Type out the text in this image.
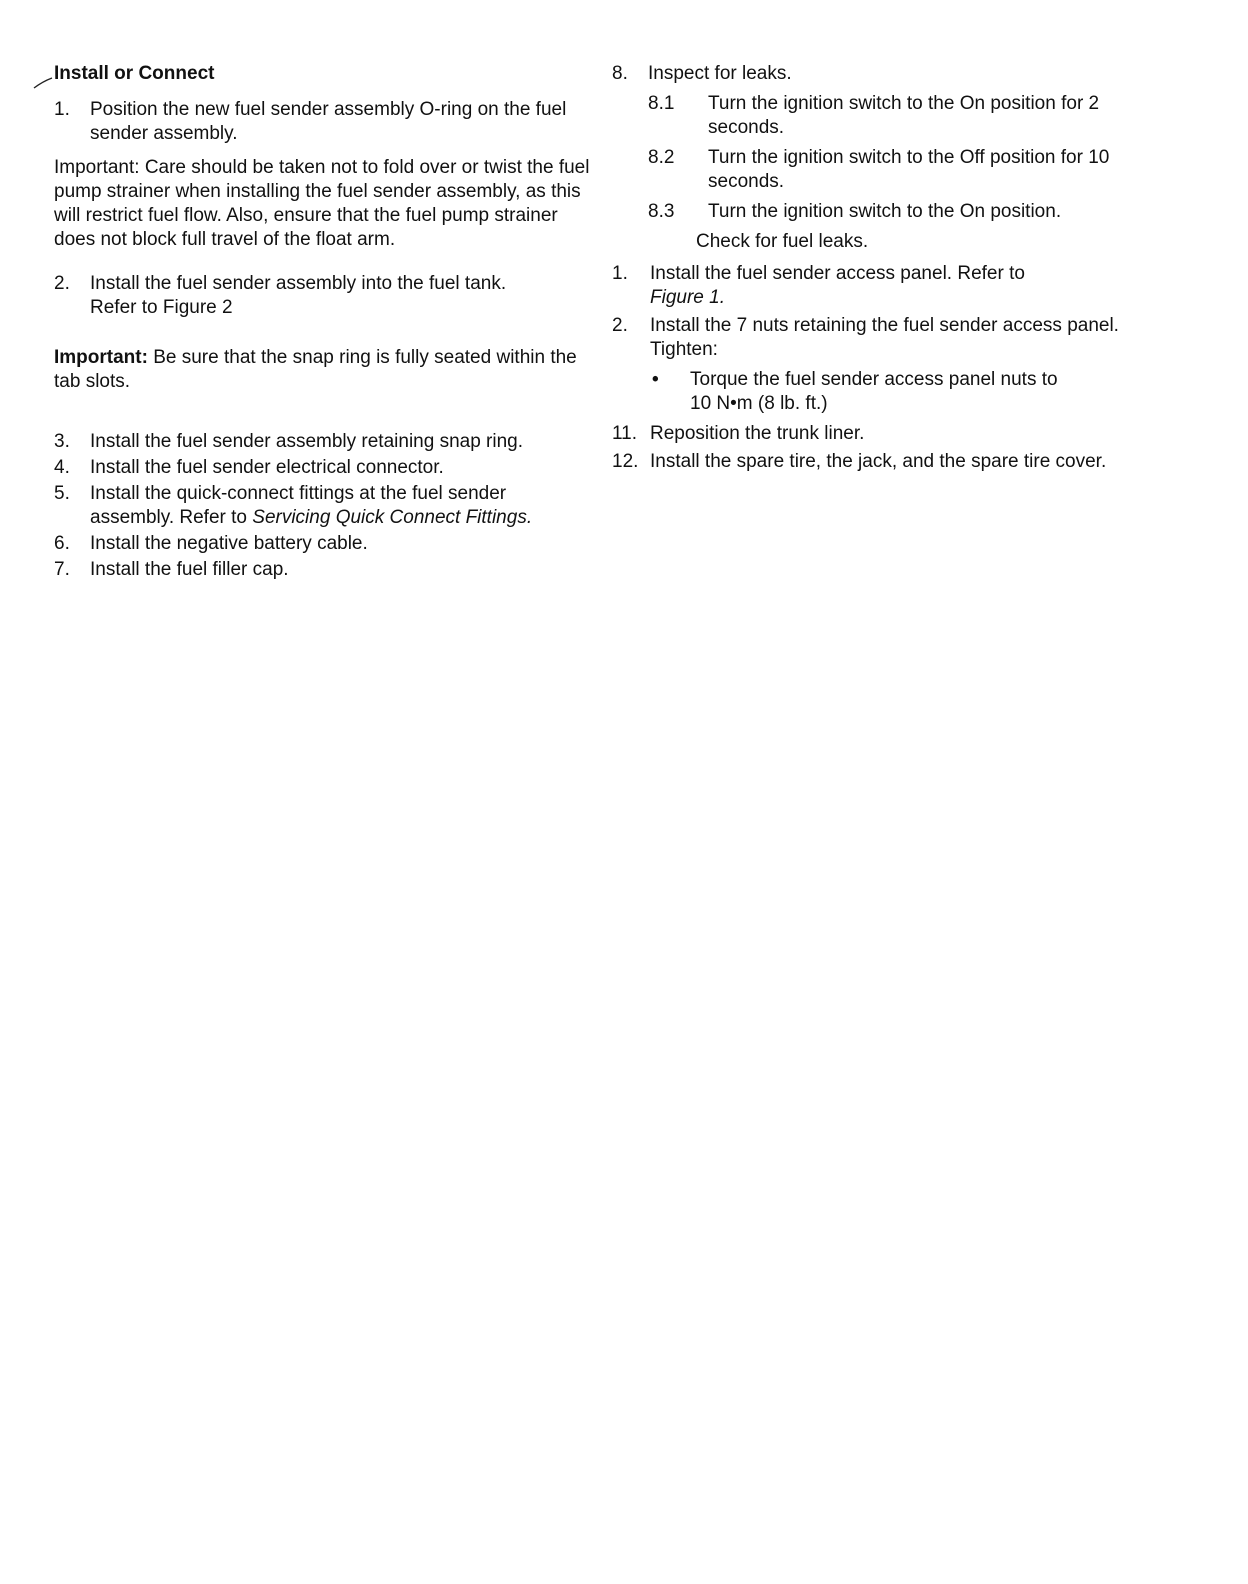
Install or Connect
1.	Position the new fuel sender assembly O-ring on the fuel sender assembly.

Important: Care should be taken not to fold over or twist the fuel pump strainer when installing the fuel sender assembly, as this will restrict fuel flow. Also, ensure that the fuel pump strainer does not block full travel of the float arm.

2.	Install the fuel sender assembly into the fuel tank.
Refer to Figure 2

Important: Be sure that the snap ring is fully seated within the tab slots.

3.	Install the fuel sender assembly retaining snap ring.
4.	Install the fuel sender electrical connector.
5.	Install the quick-connect fittings at the fuel sender assembly. Refer to Servicing Quick Connect Fittings.
6.	Install the negative battery cable.
7.	Install the fuel filler cap.
8.	Inspect for leaks.
8.1	Turn the ignition switch to the On position for 2 seconds.
8.2	Turn the ignition switch to the Off position for 10 seconds.
8.3	Turn the ignition switch to the On position.
Check for fuel leaks.
1.	Install the fuel sender access panel. Refer to
Figure 1.
2.	Install the 7 nuts retaining the fuel sender access panel.
Tighten:
•	Torque the fuel sender access panel nuts to
10 N•m (8 lb. ft.)
11. Reposition the trunk liner.
12. Install the spare tire, the jack, and the spare tire cover.
